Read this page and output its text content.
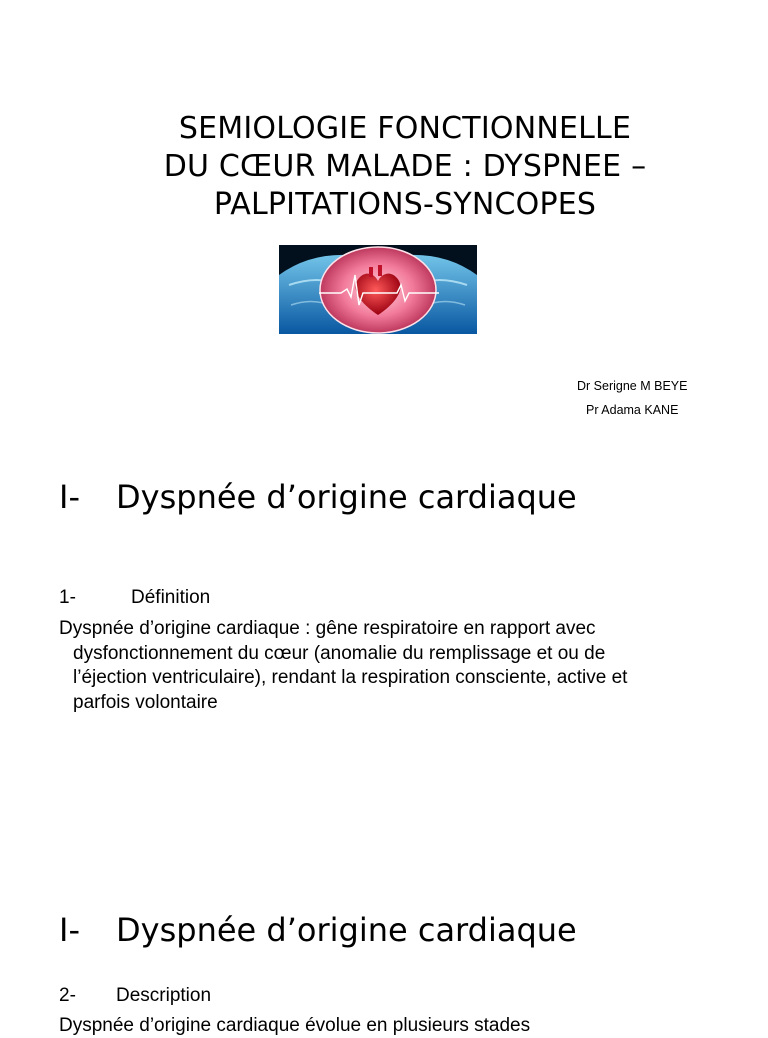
SEMIOLOGIE FONCTIONNELLE
DU CŒUR MALADE : DYSPNEE –
PALPITATIONS-SYNCOPES
Dr Serigne M BEYE
Pr Adama KANE
I- Dyspnée d’origine cardiaque
1-	Définition
Dyspnée d’origine cardiaque : gêne respiratoire en rapport avec
dysfonctionnement du cœur (anomalie du remplissage et ou de
l’éjection ventriculaire), rendant la respiration consciente, active et
parfois volontaire
I- Dyspnée d’origine cardiaque
2- Description
Dyspnée d’origine cardiaque évolue en plusieurs stades
